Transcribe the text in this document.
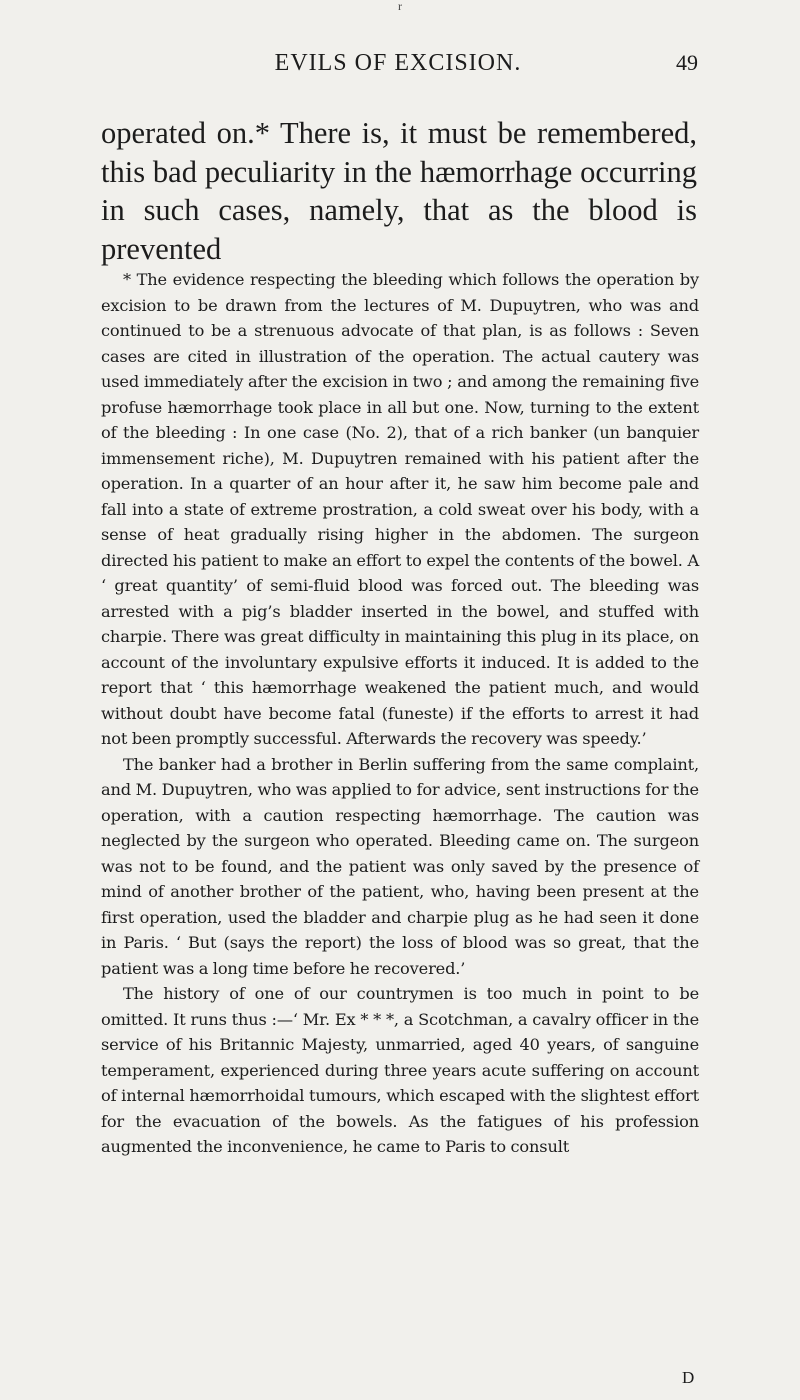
r
EVILS OF EXCISION.	49

operated on.* There is, it must be remembered, this bad peculiarity in the hæmorrhage occurring in such cases, namely, that as the blood is prevented

* The evidence respecting the bleeding which follows the operation by excision to be drawn from the lectures of M. Dupuytren, who was and continued to be a strenuous advocate of that plan, is as follows : Seven cases are cited in illustration of the operation. The actual cautery was used immediately after the excision in two ; and among the remaining five profuse hæmorrhage took place in all but one. Now, turning to the extent of the bleeding : In one case (No. 2), that of a rich banker (un banquier immensement riche), M. Dupuytren remained with his patient after the operation. In a quarter of an hour after it, he saw him become pale and fall into a state of extreme prostration, a cold sweat over his body, with a sense of heat gradually rising higher in the abdomen. The surgeon directed his patient to make an effort to expel the contents of the bowel. A ‘ great quantity’ of semi-fluid blood was forced out. The bleeding was arrested with a pig’s bladder inserted in the bowel, and stuffed with charpie. There was great difficulty in maintaining this plug in its place, on account of the involuntary expulsive efforts it induced. It is added to the report that ‘ this hæmorrhage weakened the patient much, and would without doubt have become fatal (funeste) if the efforts to arrest it had not been promptly successful. Afterwards the recovery was speedy.’

The banker had a brother in Berlin suffering from the same complaint, and M. Dupuytren, who was applied to for advice, sent instructions for the operation, with a caution respecting hæmorrhage. The caution was neglected by the surgeon who operated. Bleeding came on. The surgeon was not to be found, and the patient was only saved by the presence of mind of another brother of the patient, who, having been present at the first operation, used the bladder and charpie plug as he had seen it done in Paris. ‘ But (says the report) the loss of blood was so great, that the patient was a long time before he recovered.’

The history of one of our countrymen is too much in point to be omitted. It runs thus :—‘ Mr. Ex * * *, a Scotchman, a cavalry officer in the service of his Britannic Majesty, unmarried, aged 40 years, of sanguine temperament, experienced during three years acute suffering on account of internal hæmorrhoidal tumours, which escaped with the slightest effort for the evacuation of the bowels. As the fatigues of his profession augmented the inconvenience, he came to Paris to consult

D
